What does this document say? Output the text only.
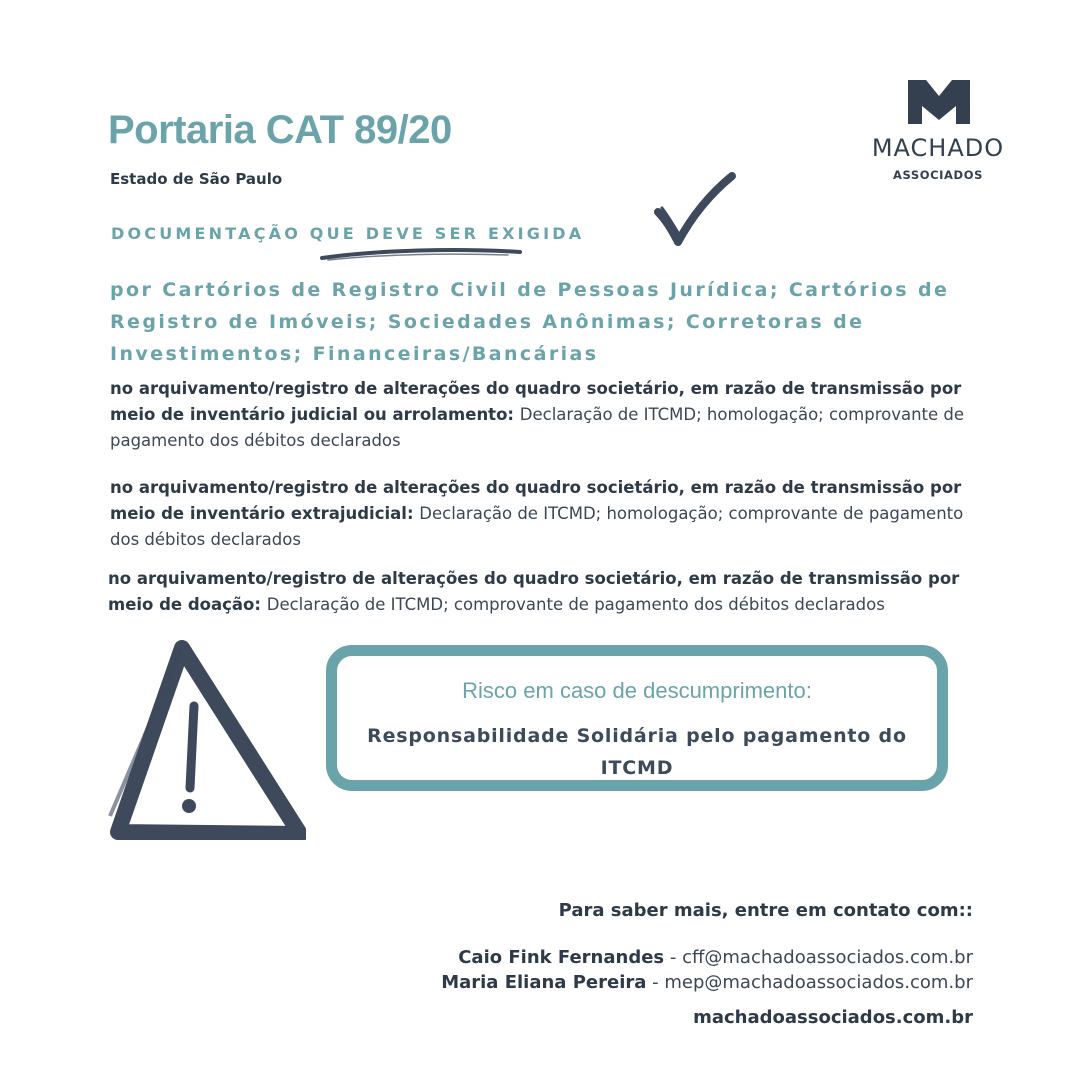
Portaria CAT 89/20
Estado de São Paulo
MACHADO
ASSOCIADOS
DOCUMENTAÇÃO QUE DEVE SER EXIGIDA
por Cartórios de Registro Civil de Pessoas Jurídica; Cartórios de Registro de Imóveis; Sociedades Anônimas; Corretoras de Investimentos; Financeiras/Bancárias
no arquivamento/registro de alterações do quadro societário, em razão de transmissão por meio de inventário judicial ou arrolamento: Declaração de ITCMD; homologação; comprovante de pagamento dos débitos declarados
no arquivamento/registro de alterações do quadro societário, em razão de transmissão por meio de inventário extrajudicial: Declaração de ITCMD; homologação; comprovante de pagamento dos débitos declarados
no arquivamento/registro de alterações do quadro societário, em razão de transmissão por meio de doação: Declaração de ITCMD; comprovante de pagamento dos débitos declarados
Risco em caso de descumprimento:
Responsabilidade Solidária pelo pagamento do ITCMD
Para saber mais, entre em contato com::
Caio Fink Fernandes - cff@machadoassociados.com.br
Maria Eliana Pereira - mep@machadoassociados.com.br
machadoassociados.com.br
